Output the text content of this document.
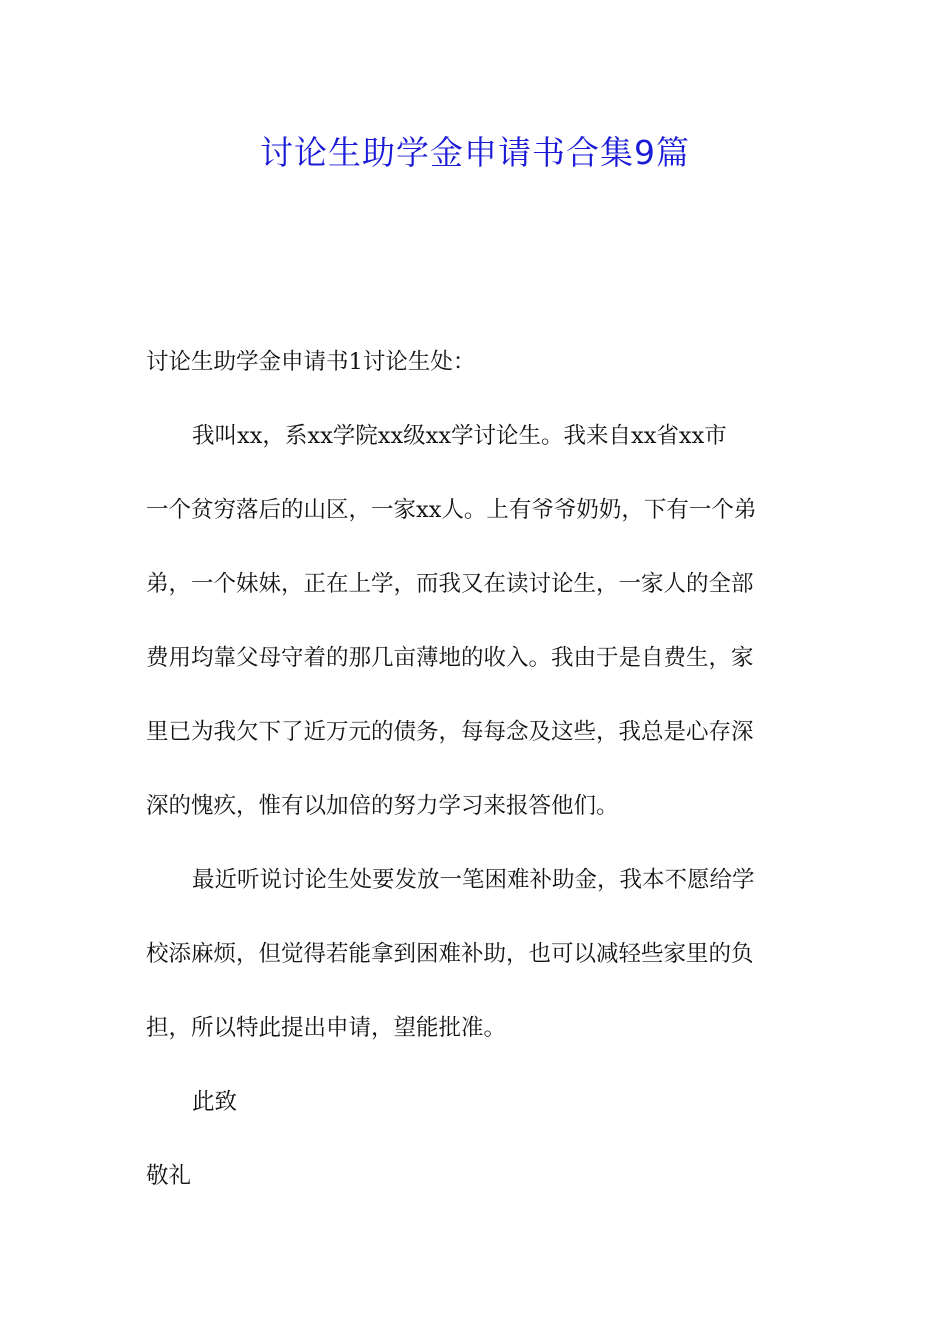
讨论生助学金申请书合集9篇
讨论生助学金申请书1讨论生处：
我叫xx，系xx学院xx级xx学讨论生。我来自xx省xx市
一个贫穷落后的山区，一家xx人。上有爷爷奶奶，下有一个弟
弟，一个妹妹，正在上学，而我又在读讨论生，一家人的全部
费用均靠父母守着的那几亩薄地的收入。我由于是自费生，家
里已为我欠下了近万元的债务，每每念及这些，我总是心存深
深的愧疚，惟有以加倍的努力学习来报答他们。
最近听说讨论生处要发放一笔困难补助金，我本不愿给学
校添麻烦，但觉得若能拿到困难补助，也可以减轻些家里的负
担，所以特此提出申请，望能批准。
此致
敬礼
